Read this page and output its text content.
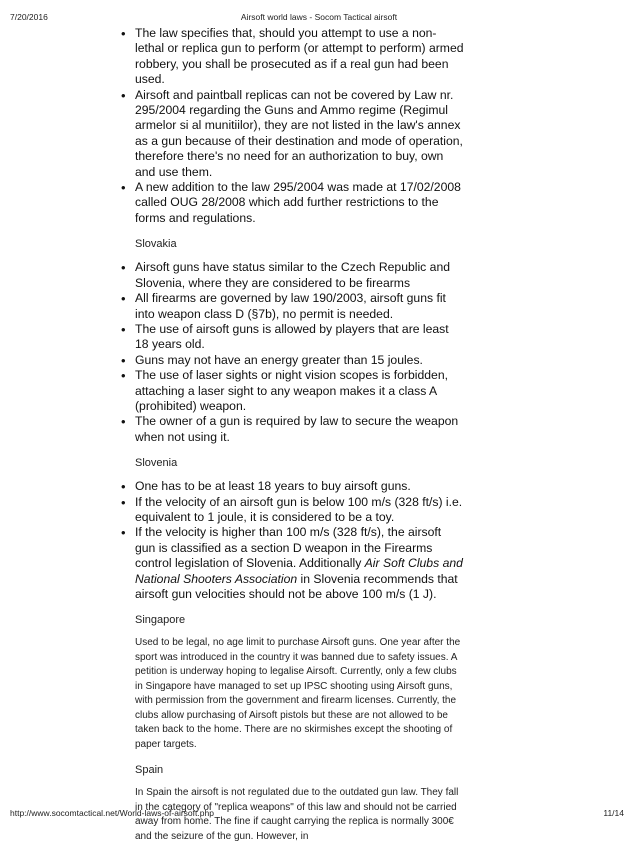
7/20/2016	Airsoft world laws - Socom Tactical airsoft
• The law specifies that, should you attempt to use a non-lethal or replica gun to perform (or attempt to perform) armed robbery, you shall be prosecuted as if a real gun had been used.
• Airsoft and paintball replicas can not be covered by Law nr. 295/2004 regarding the Guns and Ammo regime (Regimul armelor si al munitiilor), they are not listed in the law's annex as a gun because of their destination and mode of operation, therefore there's no need for an authorization to buy, own and use them.
• A new addition to the law 295/2004 was made at 17/02/2008 called OUG 28/2008 which add further restrictions to the forms and regulations.
Slovakia
• Airsoft guns have status similar to the Czech Republic and Slovenia, where they are considered to be firearms
• All firearms are governed by law 190/2003, airsoft guns fit into weapon class D (§7b), no permit is needed.
• The use of airsoft guns is allowed by players that are least 18 years old.
• Guns may not have an energy greater than 15 joules.
• The use of laser sights or night vision scopes is forbidden, attaching a laser sight to any weapon makes it a class A (prohibited) weapon.
• The owner of a gun is required by law to secure the weapon when not using it.
Slovenia
• One has to be at least 18 years to buy airsoft guns.
• If the velocity of an airsoft gun is below 100 m/s (328 ft/s) i.e. equivalent to 1 joule, it is considered to be a toy.
• If the velocity is higher than 100 m/s (328 ft/s), the airsoft gun is classified as a section D weapon in the Firearms control legislation of Slovenia. Additionally Air Soft Clubs and National Shooters Association in Slovenia recommends that airsoft gun velocities should not be above 100 m/s (1 J).
Singapore

Used to be legal, no age limit to purchase Airsoft guns. One year after the sport was introduced in the country it was banned due to safety issues. A petition is underway hoping to legalise Airsoft. Currently, only a few clubs in Singapore have managed to set up IPSC shooting using Airsoft guns, with permission from the government and firearm licenses. Currently, the clubs allow purchasing of Airsoft pistols but these are not allowed to be taken back to the home. There are no skirmishes except the shooting of paper targets.

Spain

In Spain the airsoft is not regulated due to the outdated gun law. They fall in the category of "replica weapons" of this law and should not be carried away from home. The fine if caught carrying the replica is normally 300€ and the seizure of the gun. However, in

http://www.socomtactical.net/World-laws-of-airsoft.php	11/14
